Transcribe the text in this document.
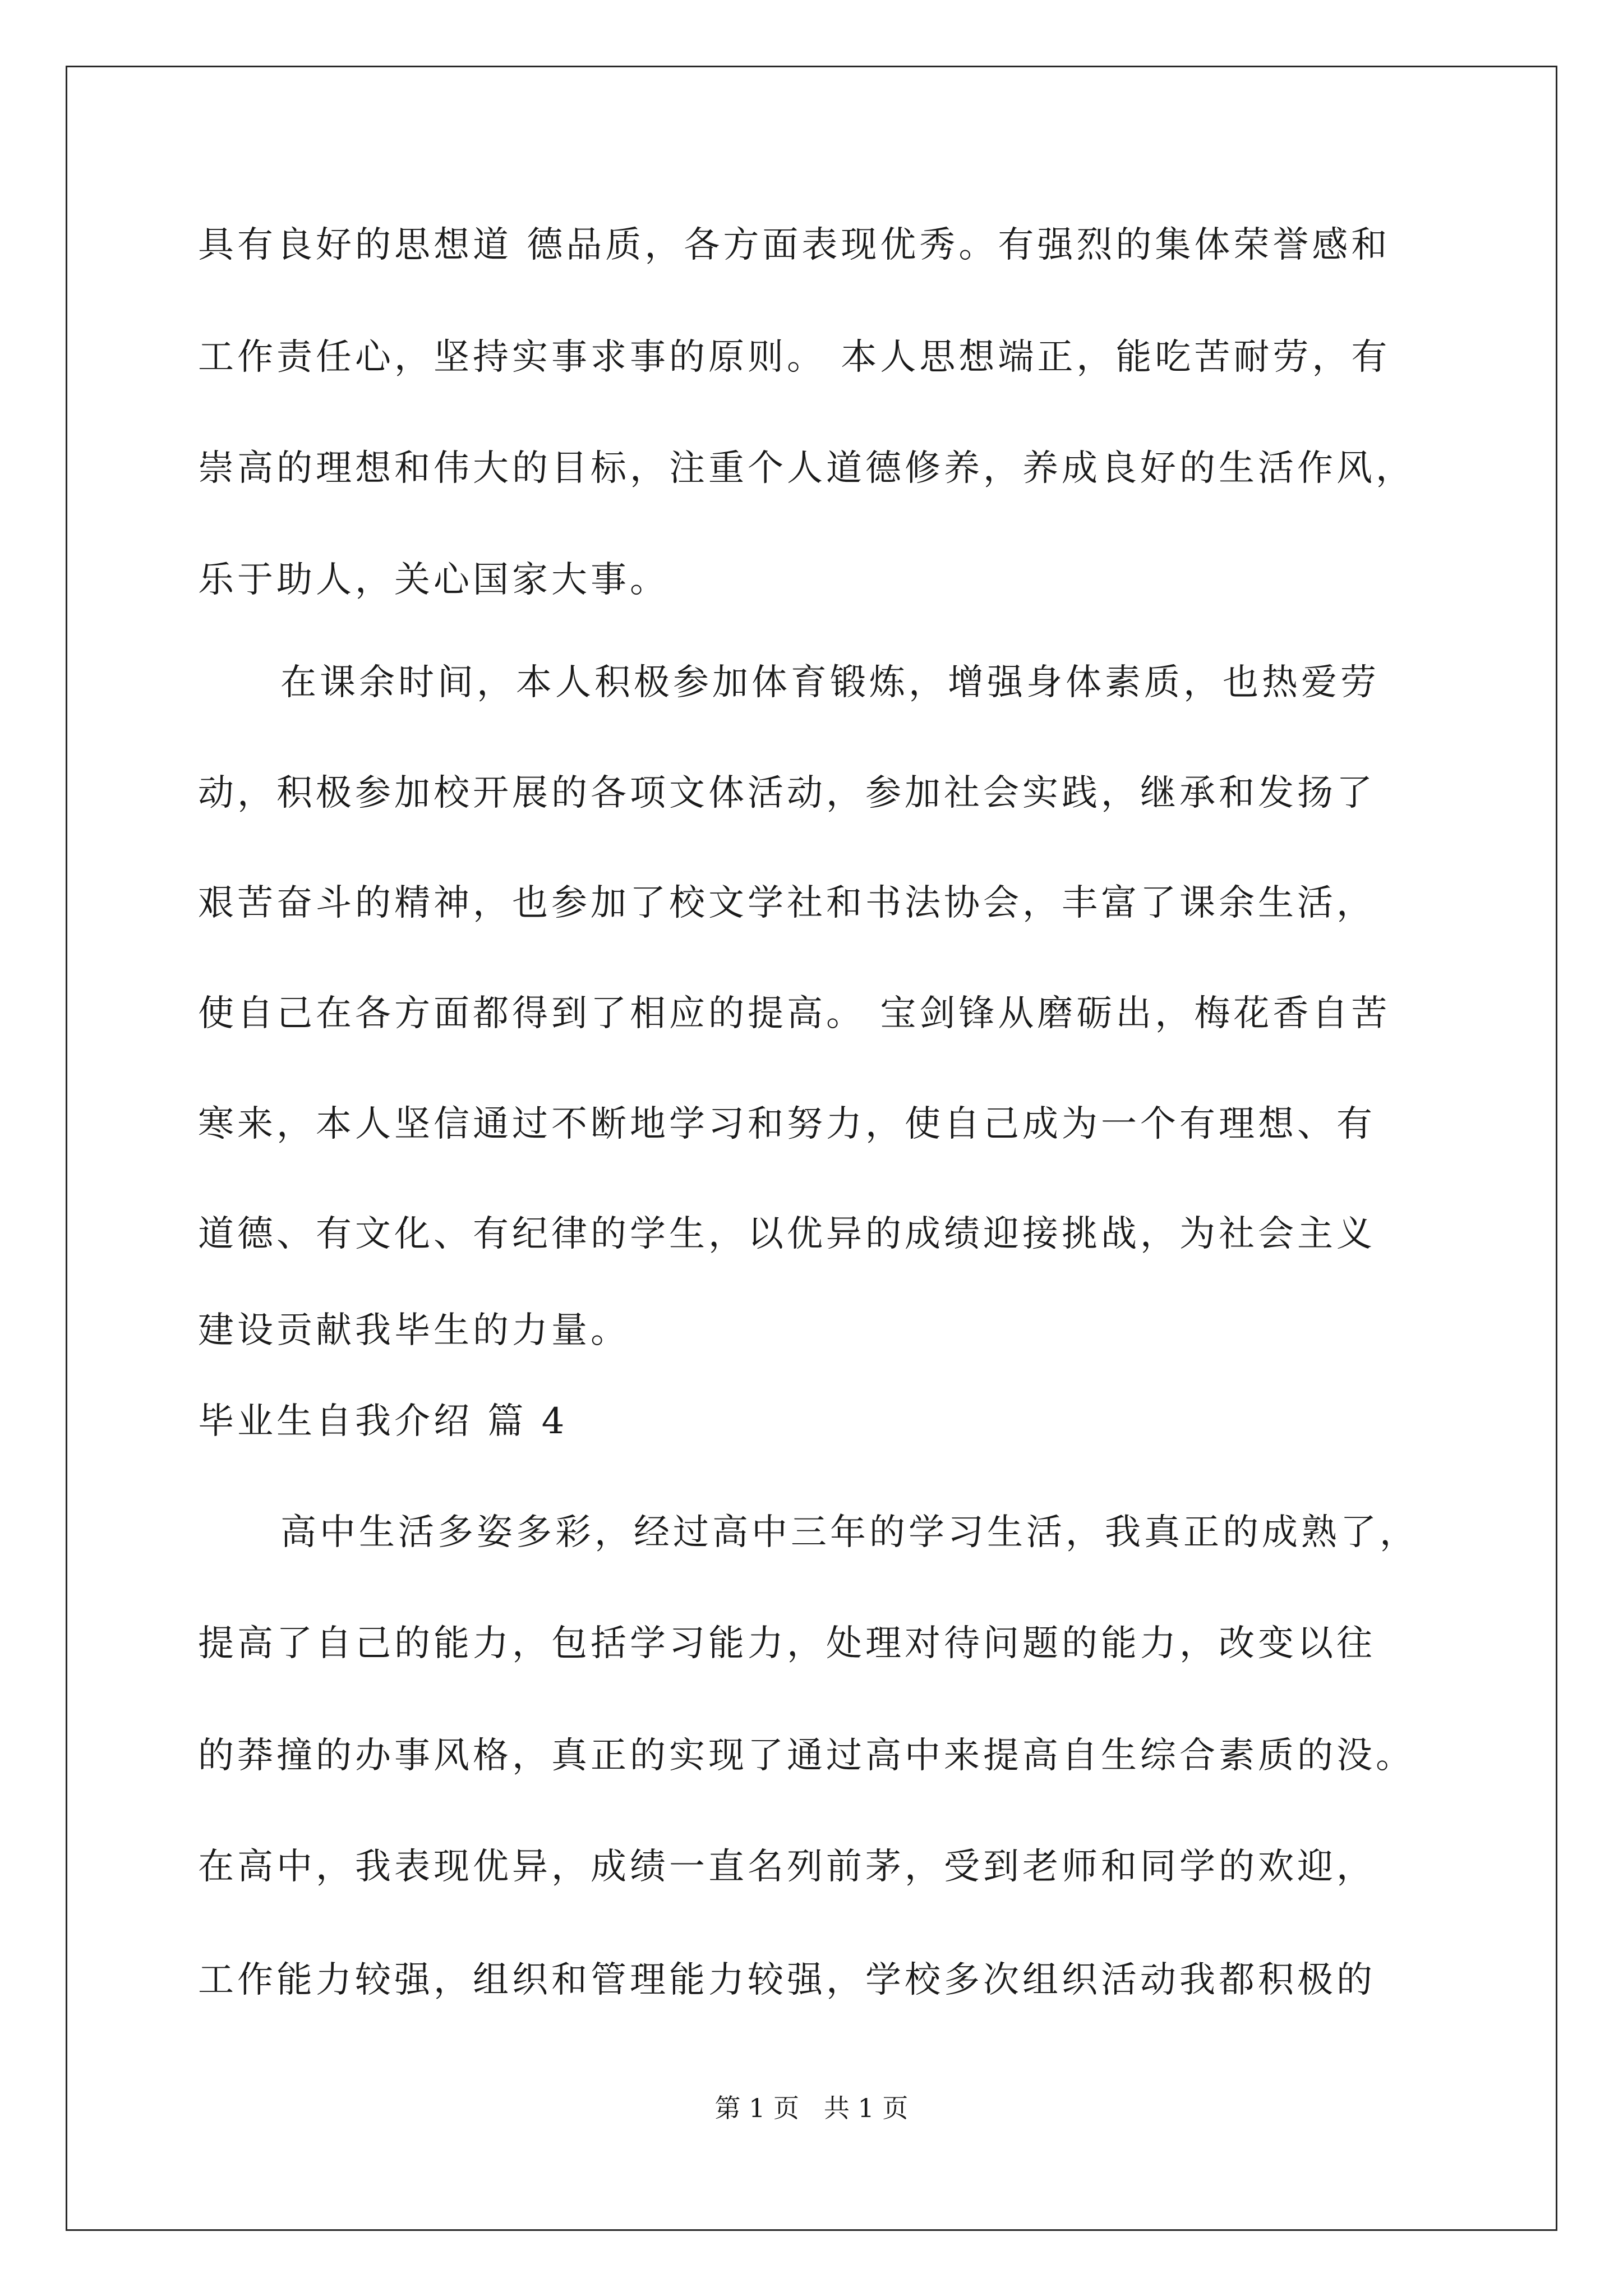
具有良好的思想道 德品质，各方面表现优秀。有强烈的集体荣誉感和
工作责任心，坚持实事求事的原则。 本人思想端正，能吃苦耐劳，有
崇高的理想和伟大的目标，注重个人道德修养，养成良好的生活作风，
乐于助人，关心国家大事。
在课余时间，本人积极参加体育锻炼，增强身体素质，也热爱劳
动，积极参加校开展的各项文体活动，参加社会实践，继承和发扬了
艰苦奋斗的精神，也参加了校文学社和书法协会，丰富了课余生活，
使自己在各方面都得到了相应的提高。 宝剑锋从磨砺出，梅花香自苦
寒来，本人坚信通过不断地学习和努力，使自己成为一个有理想、有
道德、有文化、有纪律的学生，以优异的成绩迎接挑战，为社会主义
建设贡献我毕生的力量。
毕业生自我介绍 篇 4
高中生活多姿多彩，经过高中三年的学习生活，我真正的成熟了，
提高了自己的能力，包括学习能力，处理对待问题的能力，改变以往
的莽撞的办事风格，真正的实现了通过高中来提高自生综合素质的没。
在高中，我表现优异，成绩一直名列前茅，受到老师和同学的欢迎，
工作能力较强，组织和管理能力较强，学校多次组织活动我都积极的
第 1 页   共 1 页
